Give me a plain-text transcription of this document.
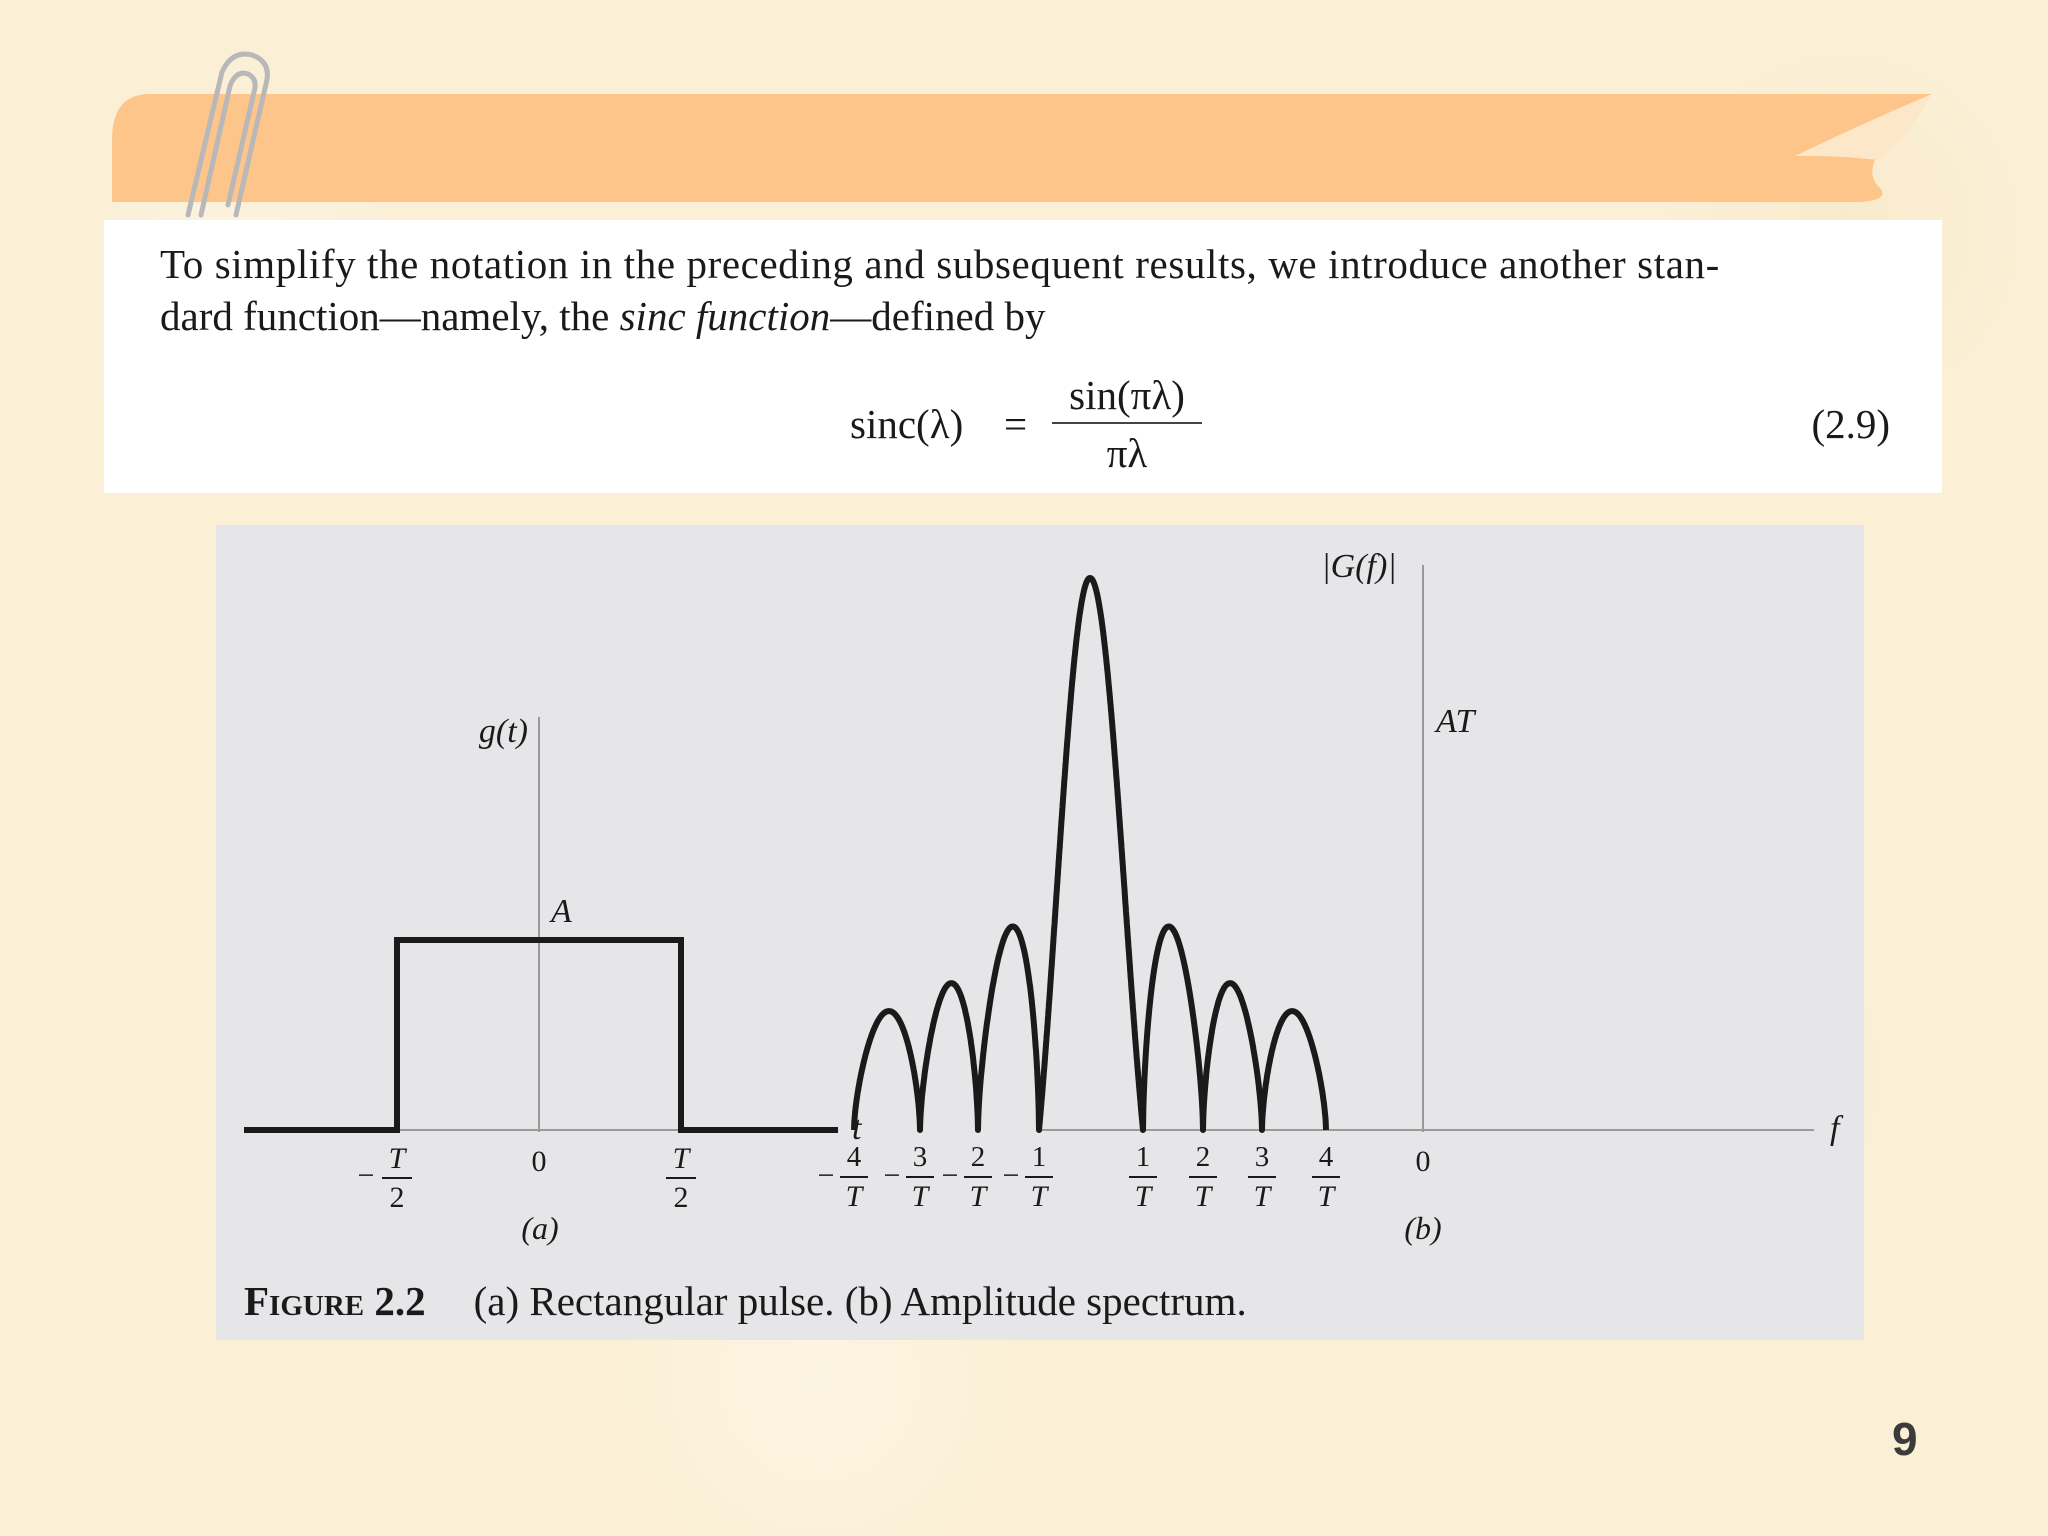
To simplify the notation in the preceding and subsequent results, we introduce another stan-
dard function—namely, the sinc function—defined by
sinc(λ) =
sin(πλ)
πλ
(2.9)
g(t)
t
A
0
−
T
2
T
2
(a)
|G(f)|
f
AT
0
−
4
T
−
3
T
−
2
T
−
1
T
1
T
2
T
3
T
4
T
(b)
Figure 2.2 (a) Rectangular pulse. (b) Amplitude spectrum.
9
